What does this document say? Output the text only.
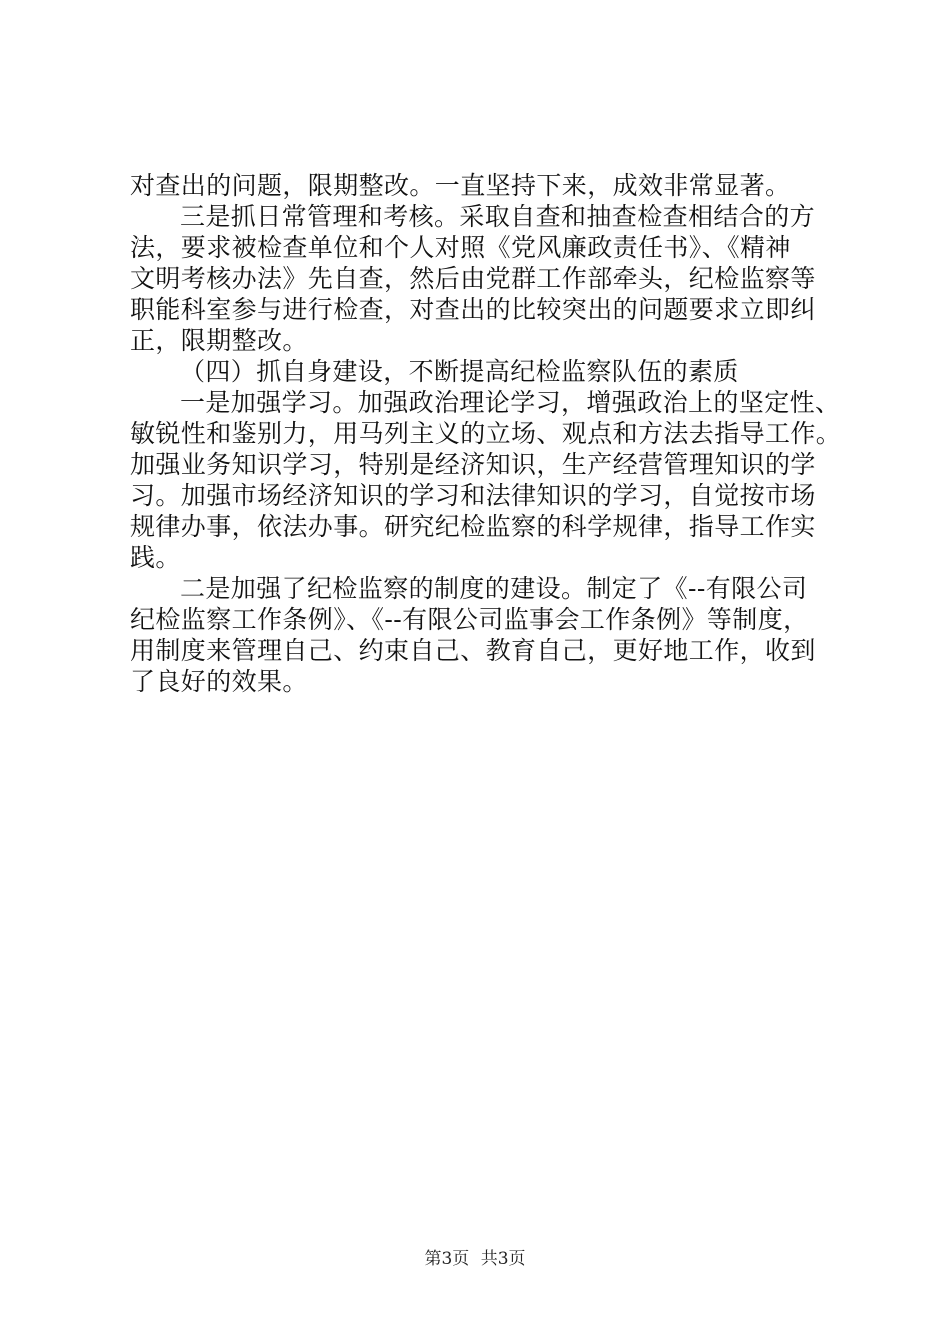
对查出的问题，限期整改。一直坚持下来，成效非常显著。
三是抓日常管理和考核。采取自查和抽查检查相结合的方
法，要求被检查单位和个人对照《党风廉政责任书》、《精神
文明考核办法》先自查，然后由党群工作部牵头，纪检监察等
职能科室参与进行检查，对查出的比较突出的问题要求立即纠
正，限期整改。
（四）抓自身建设，不断提高纪检监察队伍的素质
一是加强学习。加强政治理论学习，增强政治上的坚定性、
敏锐性和鉴别力，用马列主义的立场、观点和方法去指导工作。
加强业务知识学习，特别是经济知识，生产经营管理知识的学
习。加强市场经济知识的学习和法律知识的学习，自觉按市场
规律办事，依法办事。研究纪检监察的科学规律，指导工作实
践。
二是加强了纪检监察的制度的建设。制定了《--有限公司
纪检监察工作条例》、《--有限公司监事会工作条例》等制度，
用制度来管理自己、约束自己、教育自己，更好地工作，收到
了良好的效果。
第3页 共3页
